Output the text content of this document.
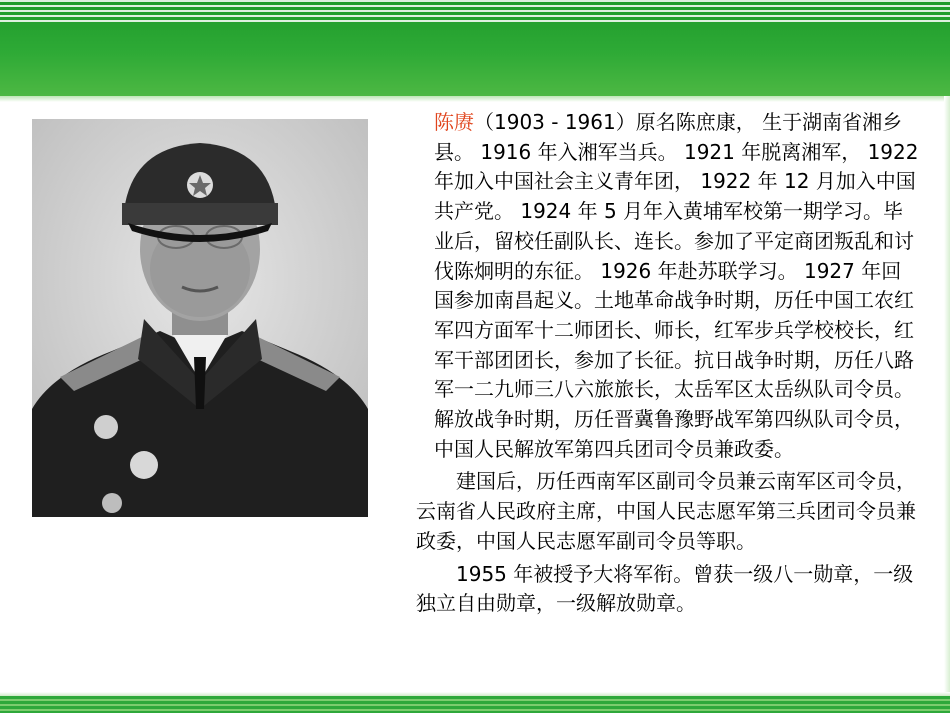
陈赓（1903 - 1961）原名陈庶康， 生于湖南省湘乡县。 1916 年入湘军当兵。 1921 年脱离湘军， 1922 年加入中国社会主义青年团， 1922 年 12 月加入中国共产党。 1924 年 5 月年入黄埔军校第一期学习。毕业后，留校任副队长、连长。参加了平定商团叛乱和讨伐陈炯明的东征。 1926 年赴苏联学习。 1927 年回国参加南昌起义。土地革命战争时期，历任中国工农红军四方面军十二师团长、师长，红军步兵学校校长，红军干部团团长，参加了长征。抗日战争时期，历任八路军一二九师三八六旅旅长，太岳军区太岳纵队司令员。解放战争时期，历任晋冀鲁豫野战军第四纵队司令员，中国人民解放军第四兵团司令员兼政委。

建国后，历任西南军区副司令员兼云南军区司令员，云南省人民政府主席，中国人民志愿军第三兵团司令员兼政委，中国人民志愿军副司令员等职。

1955 年被授予大将军衔。曾获一级八一勋章，一级独立自由勋章，一级解放勋章。
